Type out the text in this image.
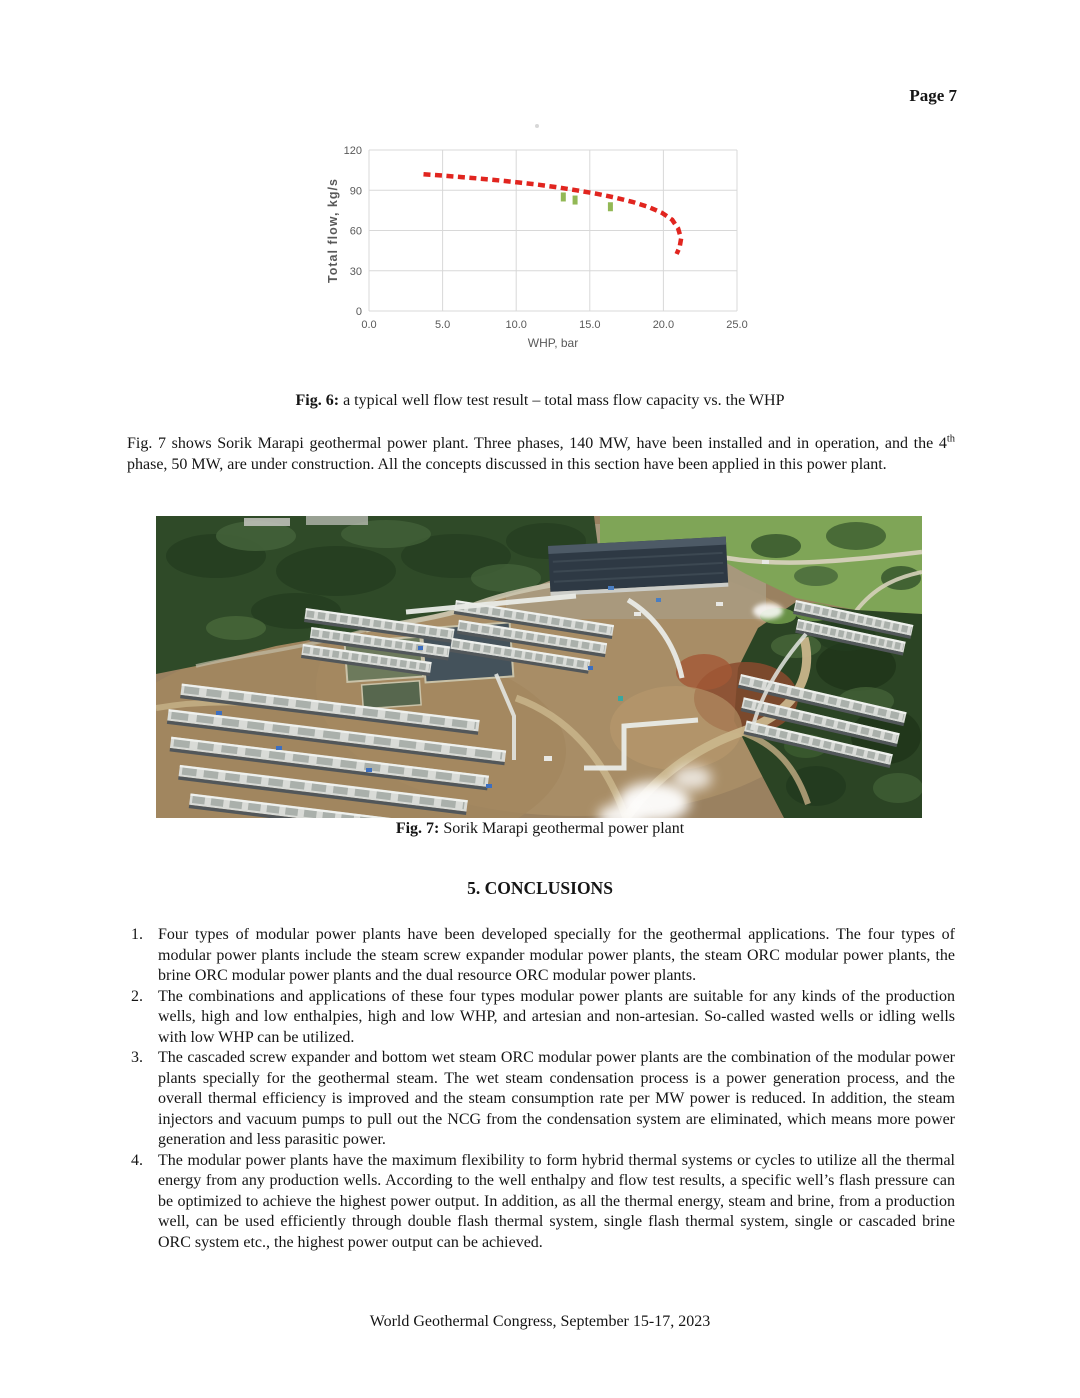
Page 7
0
30
60
90
120
0.0	5.0	10.0	15.0	20.0	25.0
WHP, bar
Total flow, kg/s
Fig. 6: a typical well flow test result – total mass flow capacity vs. the WHP

Fig. 7 shows Sorik Marapi geothermal power plant. Three phases, 140 MW, have been installed and in operation, and the 4th phase, 50 MW, are under construction. All the concepts discussed in this section have been applied in this power plant.

Fig. 7: Sorik Marapi geothermal power plant
5. CONCLUSIONS
1. Four types of modular power plants have been developed specially for the geothermal applications. The four types of modular power plants include the steam screw expander modular power plants, the steam ORC modular power plants, the brine ORC modular power plants and the dual resource ORC modular power plants.
2. The combinations and applications of these four types modular power plants are suitable for any kinds of the production wells, high and low enthalpies, high and low WHP, and artesian and non-artesian. So-called wasted wells or idling wells with low WHP can be utilized.
3. The cascaded screw expander and bottom wet steam ORC modular power plants are the combination of the modular power plants specially for the geothermal steam. The wet steam condensation process is a power generation process, and the overall thermal efficiency is improved and the steam consumption rate per MW power is reduced. In addition, the steam injectors and vacuum pumps to pull out the NCG from the condensation system are eliminated, which means more power generation and less parasitic power.
4. The modular power plants have the maximum flexibility to form hybrid thermal systems or cycles to utilize all the thermal energy from any production wells. According to the well enthalpy and flow test results, a specific well’s flash pressure can be optimized to achieve the highest power output. In addition, as all the thermal energy, steam and brine, from a production well, can be used efficiently through double flash thermal system, single flash thermal system, single or cascaded brine ORC system etc., the highest power output can be achieved.
World Geothermal Congress, September 15-17, 2023
